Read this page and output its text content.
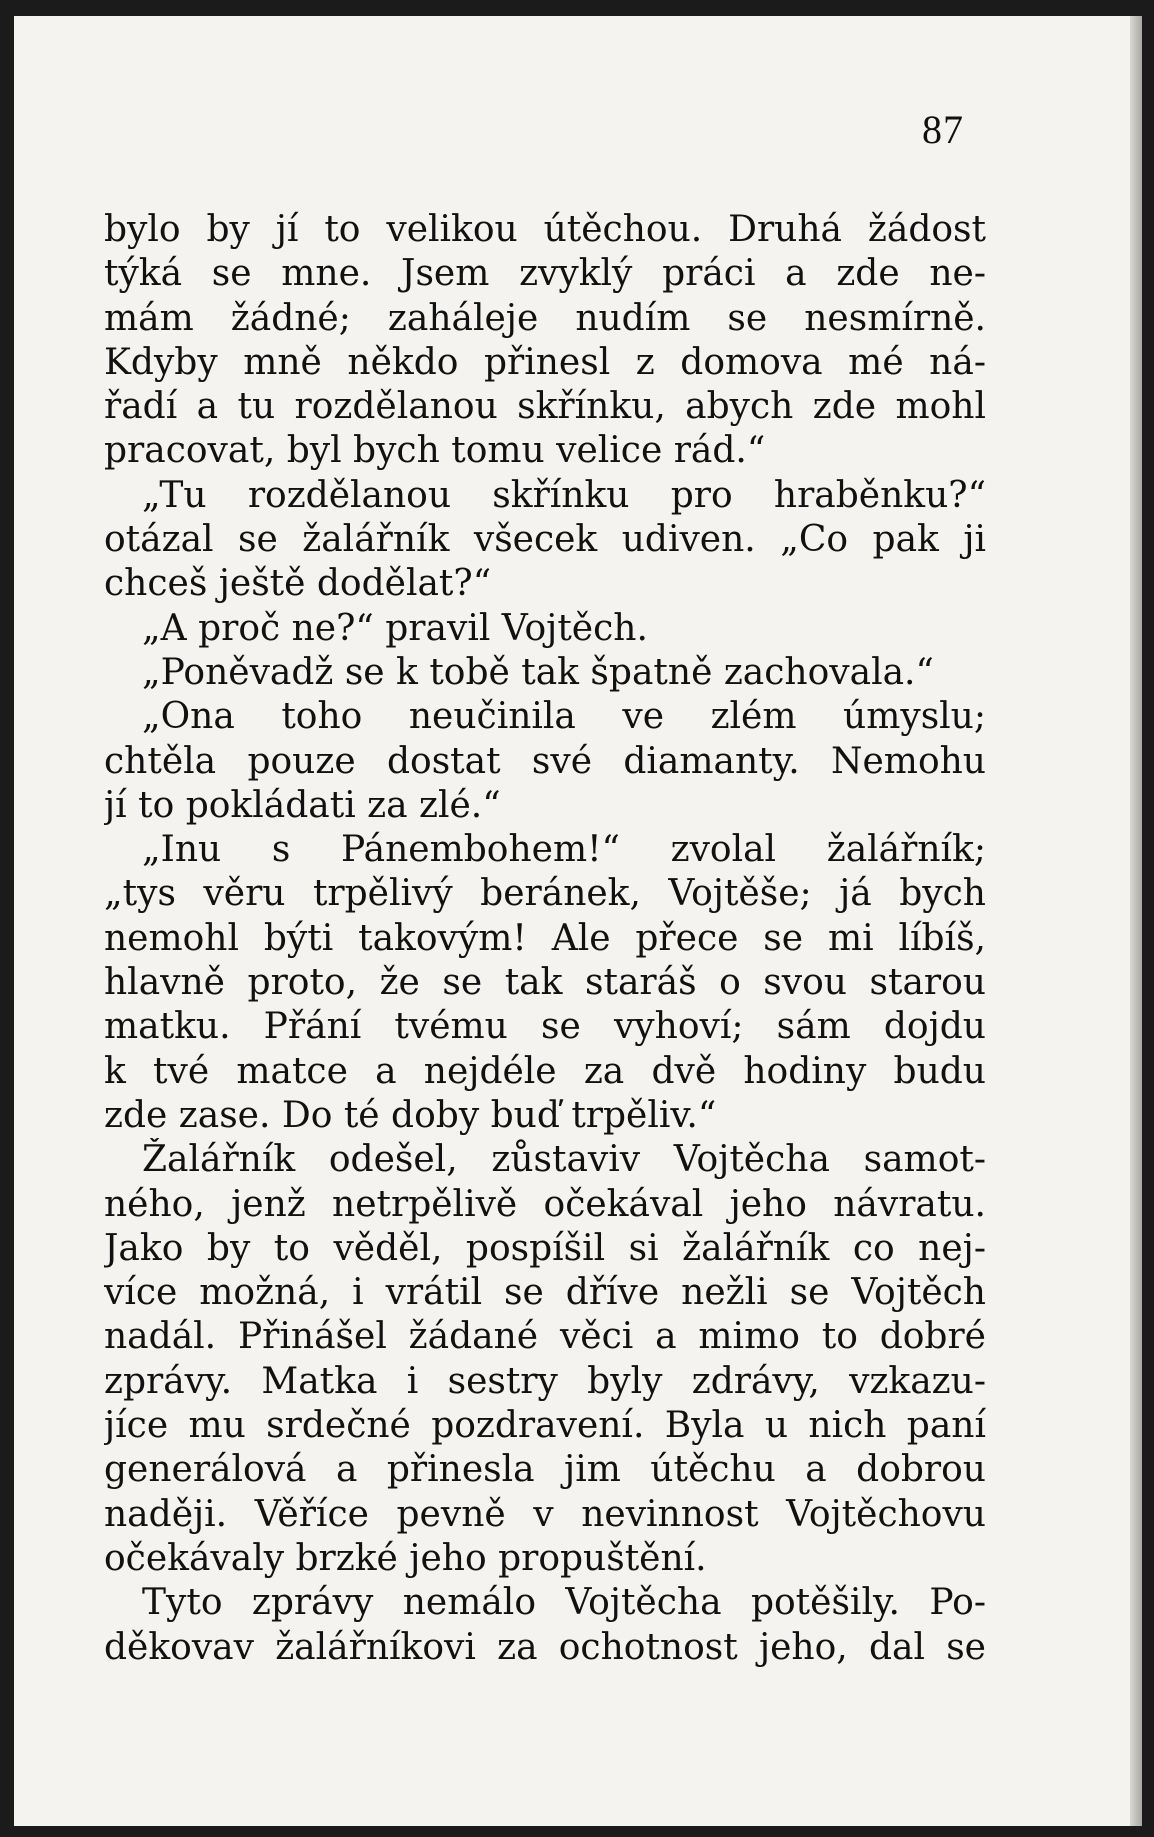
87
bylo by jí to velikou útěchou. Druhá žádost
týká se mne. Jsem zvyklý práci a zde ne-
mám žádné; zaháleje nudím se nesmírně.
Kdyby mně někdo přinesl z domova mé ná-
řadí a tu rozdělanou skřínku, abych zde mohl
pracovat, byl bych tomu velice rád.“
„Tu rozdělanou skřínku pro hraběnku?“
otázal se žalářník všecek udiven. „Co pak ji
chceš ještě dodělat?“
„A proč ne?“ pravil Vojtěch.
„Poněvadž se k tobě tak špatně zachovala.“
„Ona toho neučinila ve zlém úmyslu;
chtěla pouze dostat své diamanty. Nemohu
jí to pokládati za zlé.“
„Inu s Pánembohem!“ zvolal žalářník;
„tys věru trpělivý beránek, Vojtěše; já bych
nemohl býti takovým! Ale přece se mi líbíš,
hlavně proto, že se tak staráš o svou starou
matku. Přání tvému se vyhoví; sám dojdu
k tvé matce a nejdéle za dvě hodiny budu
zde zase. Do té doby buď trpěliv.“
Žalářník odešel, zůstaviv Vojtěcha samot-
ného, jenž netrpělivě očekával jeho návratu.
Jako by to věděl, pospíšil si žalářník co nej-
více možná, i vrátil se dříve nežli se Vojtěch
nadál. Přinášel žádané věci a mimo to dobré
zprávy. Matka i sestry byly zdrávy, vzkazu-
jíce mu srdečné pozdravení. Byla u nich paní
generálová a přinesla jim útěchu a dobrou
naději. Věříce pevně v nevinnost Vojtěchovu
očekávaly brzké jeho propuštění.
Tyto zprávy nemálo Vojtěcha potěšily. Po-
děkovav žalářníkovi za ochotnost jeho, dal se
